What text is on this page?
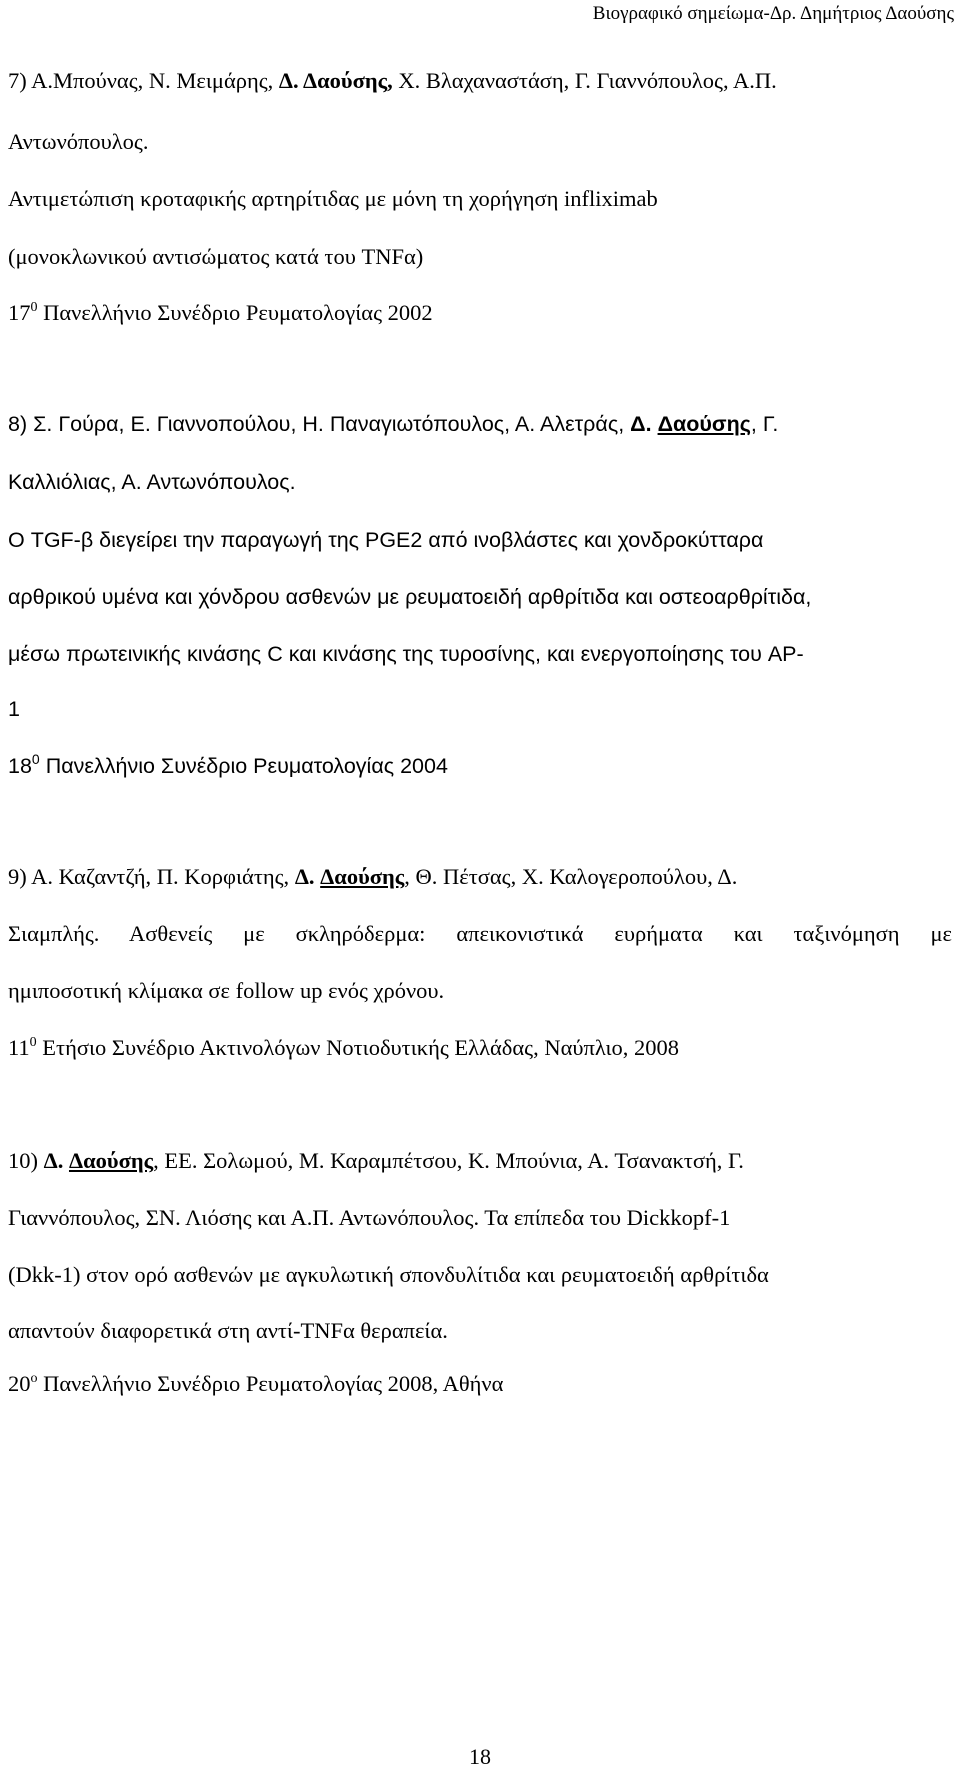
Βιογραφικό σημείωμα-Δρ. Δημήτριος Δαούσης
7) Α.Μπούνας, Ν. Μειμάρης, Δ. Δαούσης, Χ. Βλαχαναστάση, Γ. Γιαννόπουλος, Α.Π.
Αντωνόπουλος.
Αντιμετώπιση κροταφικής αρτηρίτιδας με μόνη τη χορήγηση infliximab
(μονοκλωνικού αντισώματος κατά του TNFα)
$17^0$ Πανελλήνιο Συνέδριο Ρευματολογίας 2002
8) Σ. Γούρα, Ε. Γιαννοπούλου, Η. Παναγιωτόπουλος, Α. Αλετράς, Δ. Δαούσης, Γ.
Καλλιόλιας, Α. Αντωνόπουλος.
Ο TGF-β διεγείρει την παραγωγή της PGE2 από ινοβλάστες και χονδροκύτταρα
αρθρικού υμένα και χόνδρου ασθενών με ρευματοειδή αρθρίτιδα και οστεοαρθρίτιδα,
μέσω πρωτεινικής κινάσης C και κινάσης της τυροσίνης, και ενεργοποίησης του AP-
1
$18^0$ Πανελλήνιο Συνέδριο Ρευματολογίας 2004
9) Α. Καζαντζή, Π. Κορφιάτης, Δ. Δαούσης, Θ. Πέτσας, Χ. Καλογεροπούλου, Δ.
Σιαμπλής. Ασθενείς με σκληρόδερμα: απεικονιστικά ευρήματα και ταξινόμηση με
ημιποσοτική κλίμακα σε follow up ενός χρόνου.
$11^0$ Ετήσιο Συνέδριο Ακτινολόγων Νοτιοδυτικής Ελλάδας, Ναύπλιο, 2008
10) Δ. Δαούσης, ΕΕ. Σολωμού, Μ. Καραμπέτσου, Κ. Μπούνια, Α. Τσανακτσή, Γ.
Γιαννόπουλος, ΣΝ. Λιόσης και Α.Π. Αντωνόπουλος. Τα επίπεδα του Dickkopf-1
(Dkk-1) στον ορό ασθενών με αγκυλωτική σπονδυλίτιδα και ρευματοειδή αρθρίτιδα
απαντούν διαφορετικά στη αντί-TNFα θεραπεία.
$20^o$ Πανελλήνιο Συνέδριο Ρευματολογίας 2008, Αθήνα
18
